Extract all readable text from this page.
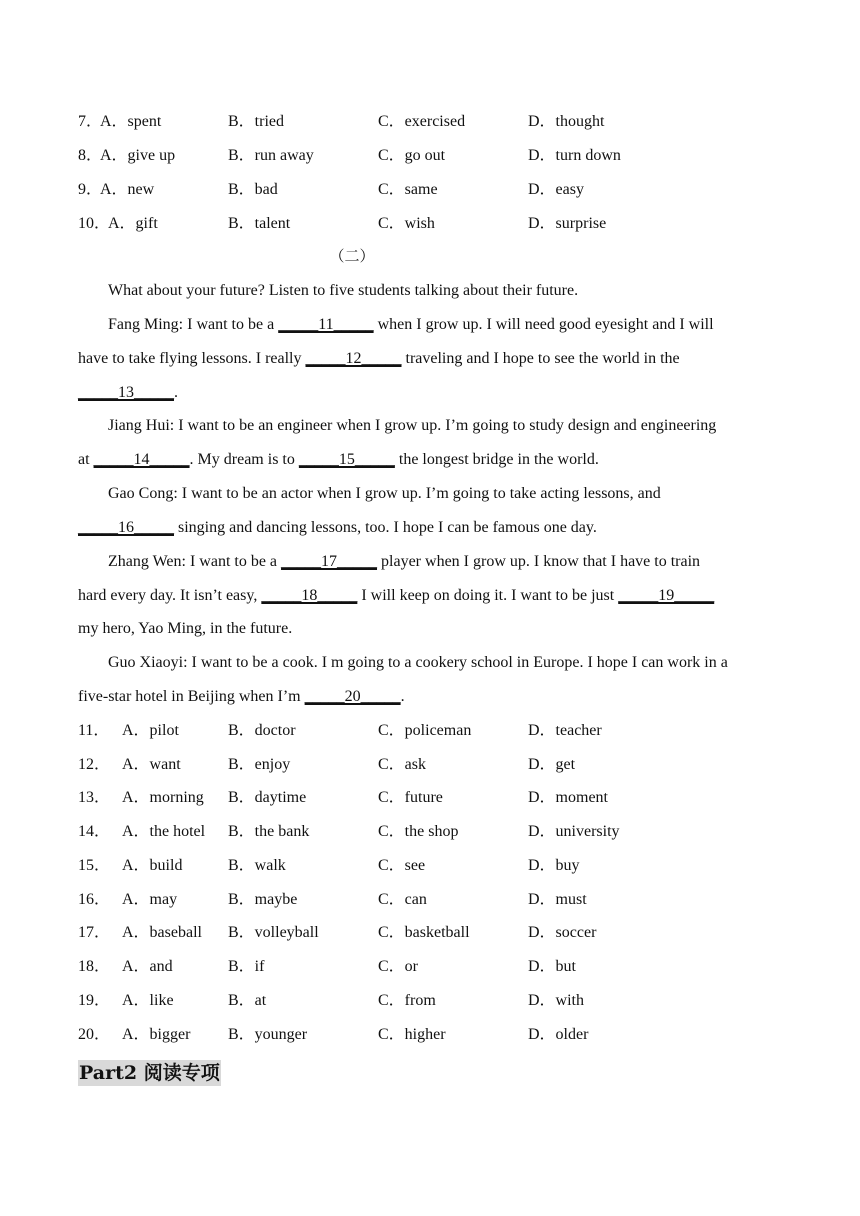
7．
A．spent	B．tried	C．exercised	D．thought
8．
A．give up	B．run away	C．go out	D．turn down
9．
A．new	B．bad	C．same	D．easy
10．
A．gift	B．talent	C．wish	D．surprise
（二）
What about your future? Listen to five students talking about their future.
Fang Ming: I want to be a _____11_____ when I grow up. I will need good eyesight and I will
have to take flying lessons. I really _____12_____ traveling and I hope to see the world in the
_____13_____.
Jiang Hui: I want to be an engineer when I grow up. I’m going to study design and engineering
at _____14_____. My dream is to _____15_____ the longest bridge in the world.
Gao Cong: I want to be an actor when I grow up. I’m going to take acting lessons, and
_____16_____ singing and dancing lessons, too. I hope I can be famous one day.
Zhang Wen: I want to be a _____17_____ player when I grow up. I know that I have to train
hard every day. It isn’t easy, _____18_____ I will keep on doing it. I want to be just _____19_____
my hero, Yao Ming, in the future.
Guo Xiaoyi: I want to be a cook. I m going to a cookery school in Europe. I hope I can work in a
five-star hotel in Beijing when I’m _____20_____.
11． A．pilot	B．doctor	C．policeman	D．teacher
12． A．want	B．enjoy	C．ask	D．get
13． A．morning B．daytime	C．future	D．moment
14． A．the hotel B．the bank	C．the shop	D．university
15． A．build	B．walk	C．see	D．buy
16． A．may	B．maybe	C．can	D．must
17． A．baseball B．volleyball	C．basketball	D．soccer
18． A．and	B．if	C．or	D．but
19． A．like	B．at	C．from	D．with
20． A．bigger B．younger	C．higher	D．older
Part2 阅读专项
